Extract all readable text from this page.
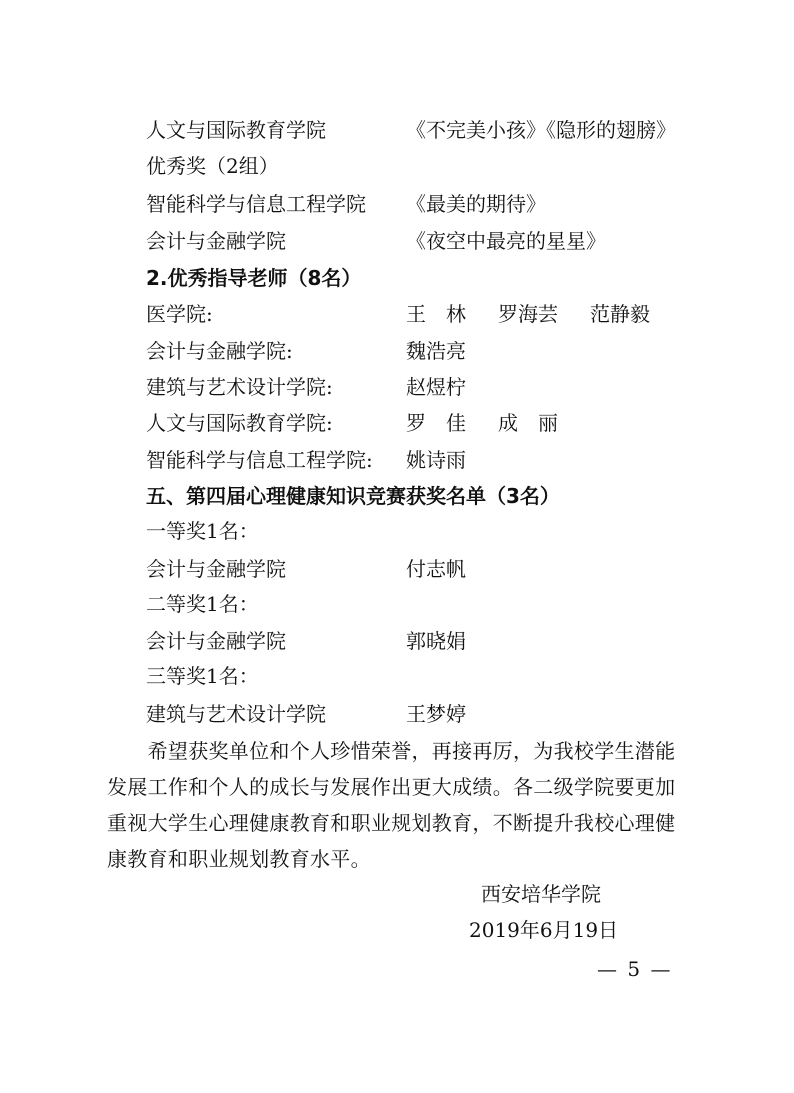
人文与国际教育学院	《不完美小孩》《隐形的翅膀》
优秀奖（2组）
智能科学与信息工程学院 《最美的期待》
会计与金融学院	《夜空中最亮的星星》
2.优秀指导老师（8名）
医学院:	王　林 罗海芸 范静毅
会计与金融学院:	魏浩亮
建筑与艺术设计学院:	赵煜柠
人文与国际教育学院:	罗　佳 成　丽
智能科学与信息工程学院: 姚诗雨
五、第四届心理健康知识竞赛获奖名单（3名）
一等奖1名：
会计与金融学院	付志帆
二等奖1名：
会计与金融学院	郭晓娟
三等奖1名：
建筑与艺术设计学院	王梦婷
　　希望获奖单位和个人珍惜荣誉，再接再厉，为我校学生潜能
发展工作和个人的成长与发展作出更大成绩。各二级学院要更加
重视大学生心理健康教育和职业规划教育，不断提升我校心理健
康教育和职业规划教育水平。
西安培华学院
2019年6月19日
— 5 —
